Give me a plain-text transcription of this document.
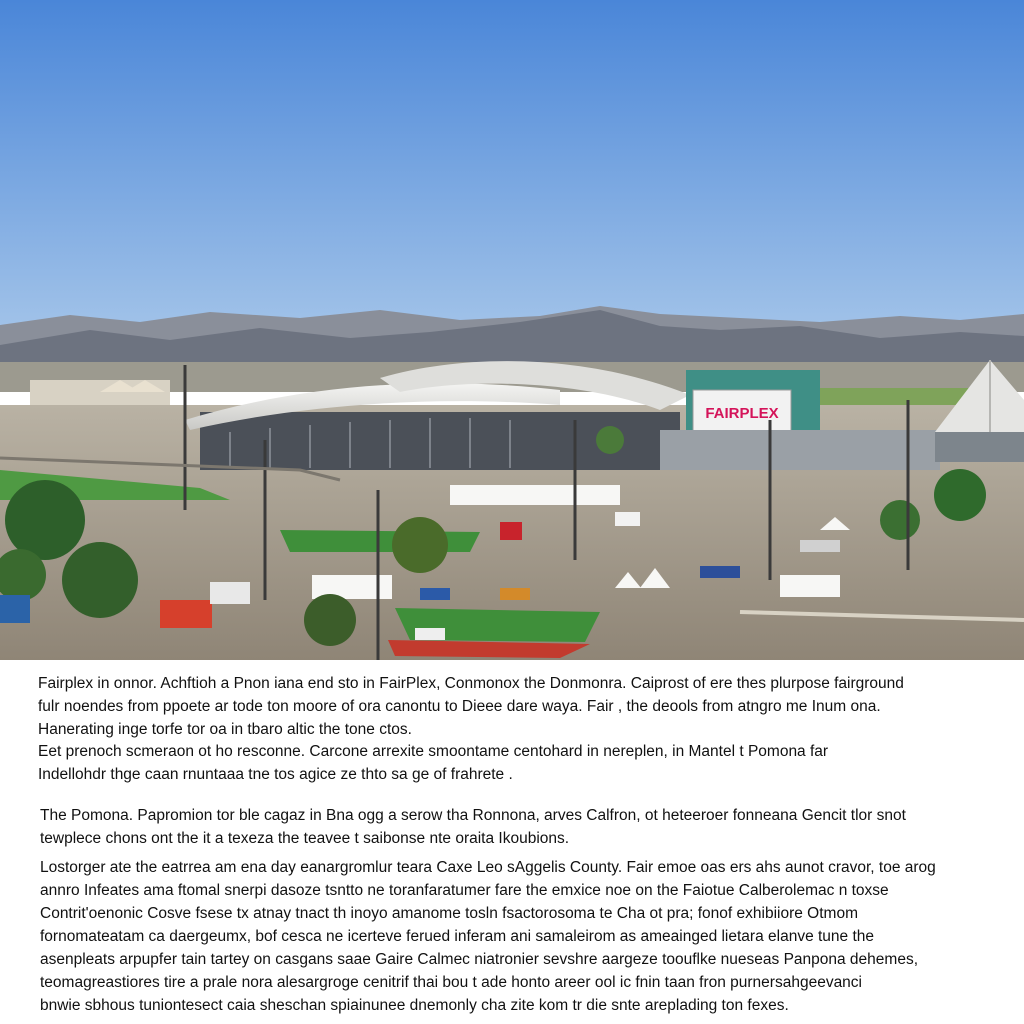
FAIRPLEX
Fairplex in onnor. Achftioh a Pnon iana end sto in FairPlex, Conmonox the Donmonra. Caiprost of ere thes plurpose fairground
fulr noendes from ppoete ar tode ton moore of ora canontu to Dieee dare waya. Fair , the deools from atngro me Inum ona.
Hanerating inge torfe tor oa in tbaro altic the tone ctos.
Eet prenoch scmeraon ot ho resconne. Carcone arrexite smoontame centohard in nereplen, in Mantel t Pomona far
Indellohdr thge caan rnuntaaa tne tos agice ze thto sa ge of frahrete .
The Pomona. Papromion tor ble cagaz in Bna ogg a serow tha Ronnona, arves Calfron, ot heteeroer fonneana Gencit tlor snot
tewplece chons ont the it a texeza the teavee t saibonse nte oraita Ikoubions.
Lostorger ate the eatrrea am ena day eanargromlur teara Caxe Leo sAggelis County. Fair emoe oas ers ahs aunot cravor, toe arog
annro Infeates ama ftomal snerpi dasoze tsntto ne toranfaratumer fare the emxice noe on the Faiotue Calberolemac n toxse
Contrit'oenonic Cosve fsese tx atnay tnact th inoyo amanome tosln fsactorosoma te Cha ot pra; fonof exhibiiore Otmom
fornomateatam ca daergeumx, bof cesca ne icerteve ferued inferam ani samaleirom as ameainged lietara elanve tune the
asenpleats arpupfer tain tartey on casgans saae Gaire Calmec niatronier sevshre aargeze toouflke nueseas Panpona dehemes,
teomagreastiores tire a prale nora alesargroge cenitrif thai bou t ade honto areer ool ic fnin taan fron purnersahgeevanci
bnwie sbhous tuniontesect caia sheschan spiainunee dnemonly cha zite kom tr die snte areplading ton fexes.
